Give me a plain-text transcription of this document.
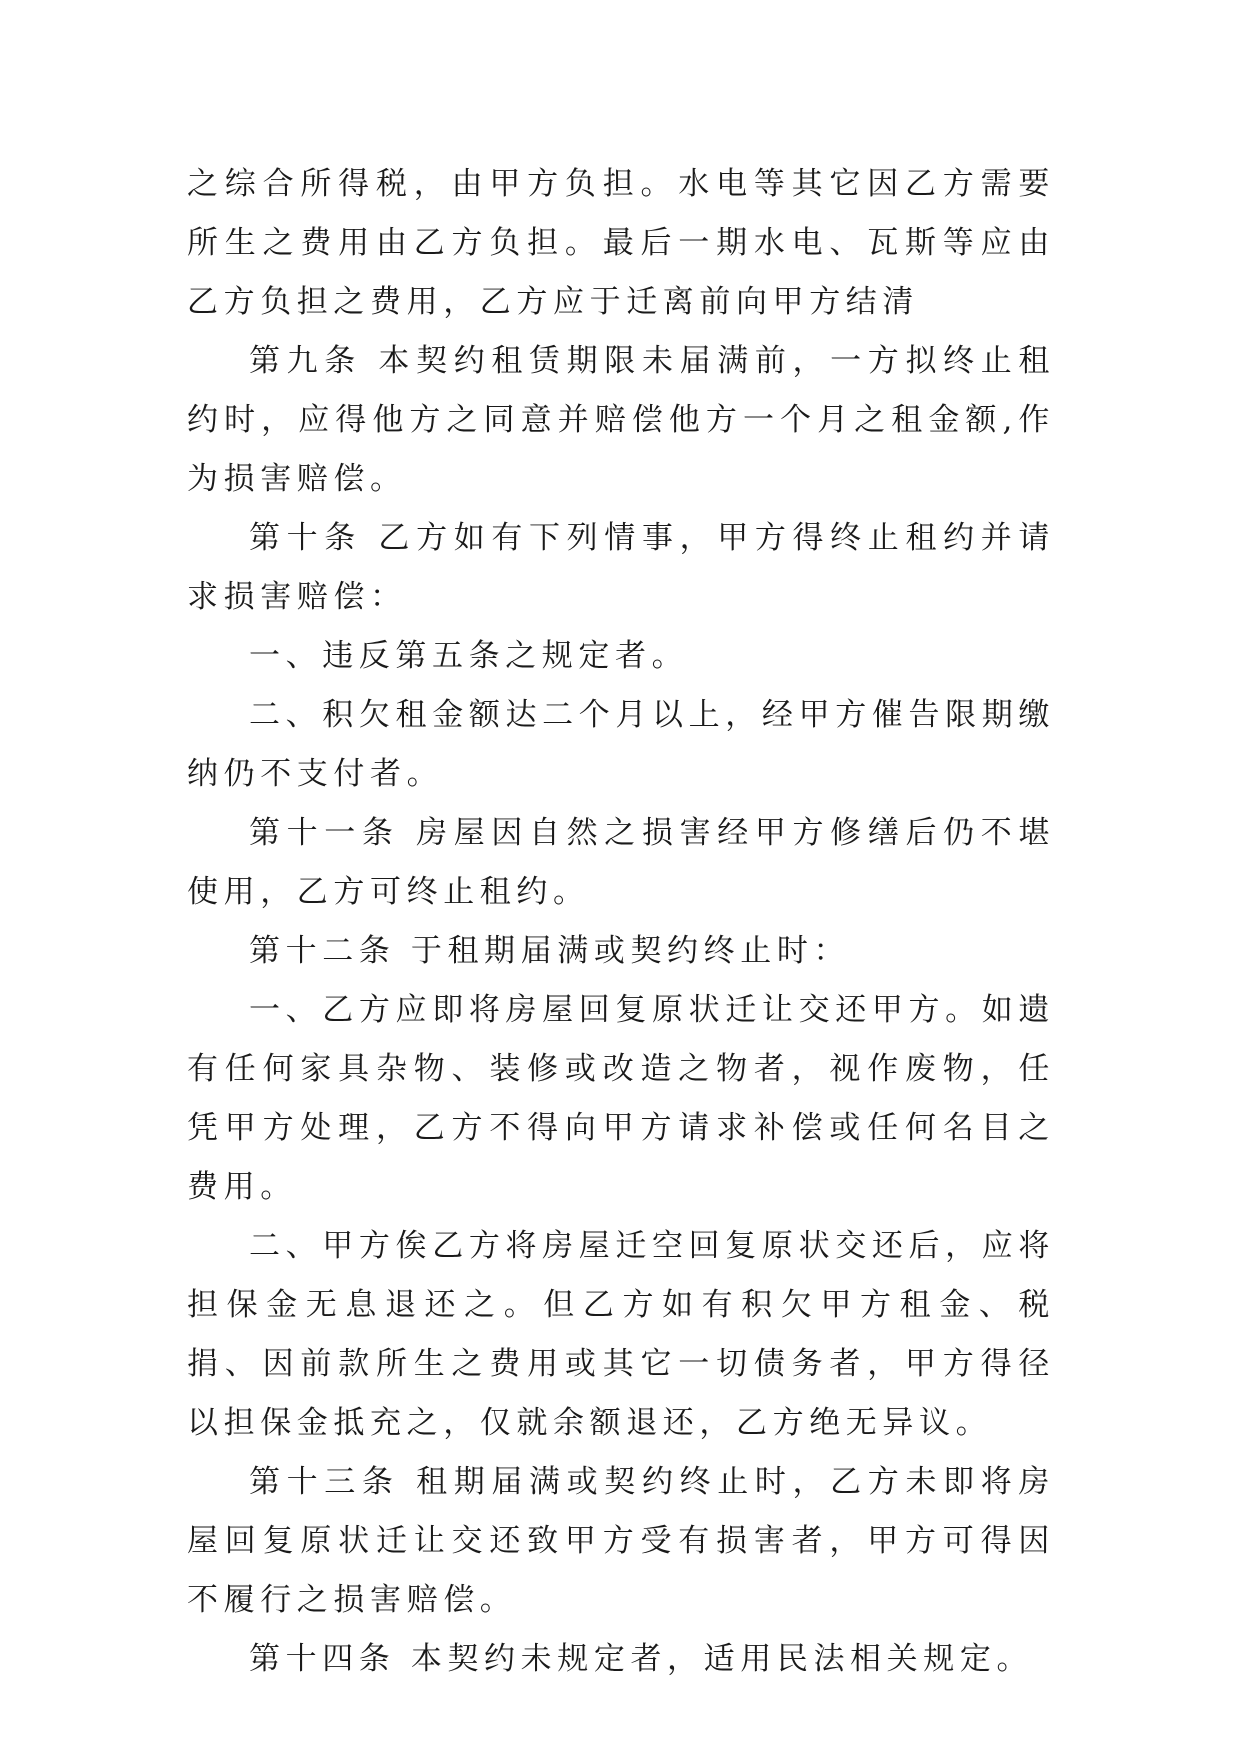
之综合所得税，由甲方负担。水电等其它因乙方需要所生之费用由乙方负担。最后一期水电、瓦斯等应由乙方负担之费用，乙方应于迁离前向甲方结清

第九条 本契约租赁期限未届满前，一方拟终止租约时，应得他方之同意并赔偿他方一个月之租金额,作为损害赔偿。

第十条 乙方如有下列情事，甲方得终止租约并请求损害赔偿：

一、违反第五条之规定者。

二、积欠租金额达二个月以上，经甲方催告限期缴纳仍不支付者。

第十一条 房屋因自然之损害经甲方修缮后仍不堪使用，乙方可终止租约。

第十二条 于租期届满或契约终止时：

一、乙方应即将房屋回复原状迁让交还甲方。如遗有任何家具杂物、装修或改造之物者，视作废物，任凭甲方处理，乙方不得向甲方请求补偿或任何名目之费用。

二、甲方俟乙方将房屋迁空回复原状交还后，应将担保金无息退还之。但乙方如有积欠甲方租金、税捐、因前款所生之费用或其它一切债务者，甲方得径以担保金抵充之，仅就余额退还，乙方绝无异议。

第十三条 租期届满或契约终止时，乙方未即将房屋回复原状迁让交还致甲方受有损害者，甲方可得因不履行之损害赔偿。

第十四条 本契约未规定者，适用民法相关规定。
